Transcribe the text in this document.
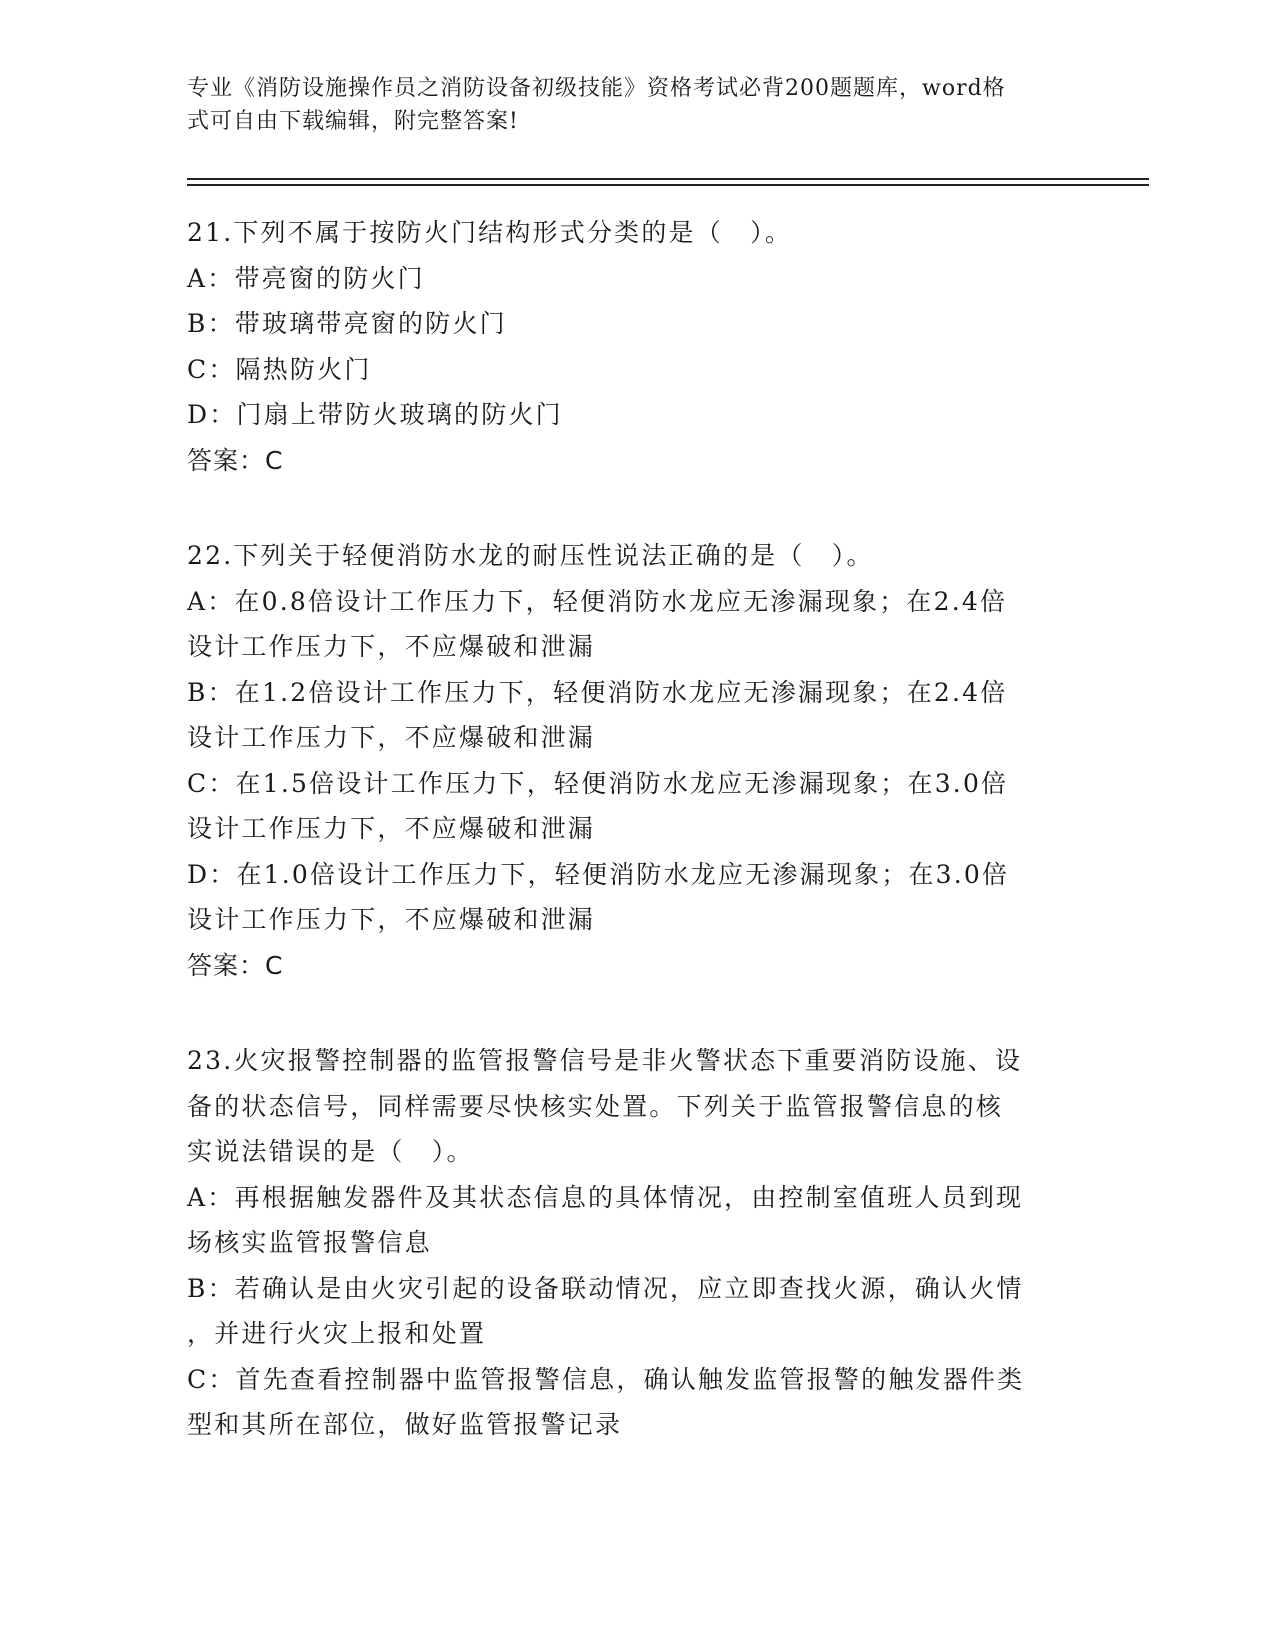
专业《消防设施操作员之消防设备初级技能》资格考试必背200题题库，word格
式可自由下载编辑，附完整答案!
21.下列不属于按防火门结构形式分类的是（　）。
A：带亮窗的防火门
B：带玻璃带亮窗的防火门
C：隔热防火门
D：门扇上带防火玻璃的防火门
答案：C
22.下列关于轻便消防水龙的耐压性说法正确的是（　）。
A：在0.8倍设计工作压力下，轻便消防水龙应无渗漏现象；在2.4倍
设计工作压力下，不应爆破和泄漏
B：在1.2倍设计工作压力下，轻便消防水龙应无渗漏现象；在2.4倍
设计工作压力下，不应爆破和泄漏
C：在1.5倍设计工作压力下，轻便消防水龙应无渗漏现象；在3.0倍
设计工作压力下，不应爆破和泄漏
D：在1.0倍设计工作压力下，轻便消防水龙应无渗漏现象；在3.0倍
设计工作压力下，不应爆破和泄漏
答案：C
23.火灾报警控制器的监管报警信号是非火警状态下重要消防设施、设
备的状态信号，同样需要尽快核实处置。下列关于监管报警信息的核
实说法错误的是（　）。
A：再根据触发器件及其状态信息的具体情况，由控制室值班人员到现
场核实监管报警信息
B：若确认是由火灾引起的设备联动情况，应立即查找火源，确认火情
，并进行火灾上报和处置
C：首先查看控制器中监管报警信息，确认触发监管报警的触发器件类
型和其所在部位，做好监管报警记录
